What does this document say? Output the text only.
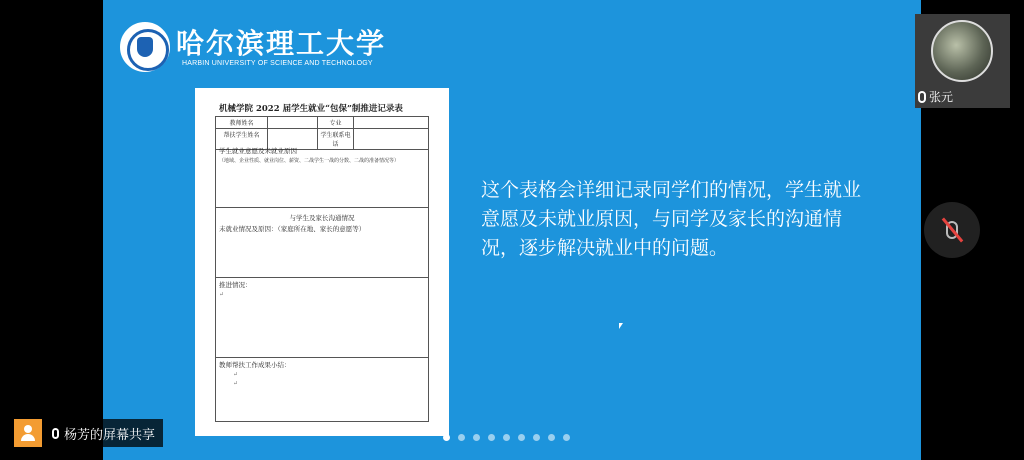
哈尔滨理工大学
HARBIN UNIVERSITY OF SCIENCE AND TECHNOLOGY
机械学院 2022 届学生就业“包保”制推进记录表
教师姓名		专业	
帮扶学生姓名		学生联系电话	

学生就业意愿及未就业原因

（地域、企业性质、就业岗位、薪资、二战学生一战的分数、二战的准备情况等）

与学生及家长沟通情况

未就业情况及原因：（家庭所在地、家长的意愿等）

推进情况：

↵

教师帮扶工作成果小结：

↵

↵

这个表格会详细记录同学们的情况，学生就业意愿及未就业原因，与同学及家长的沟通情况，逐步解决就业中的问题。
张元
杨芳的屏幕共享
